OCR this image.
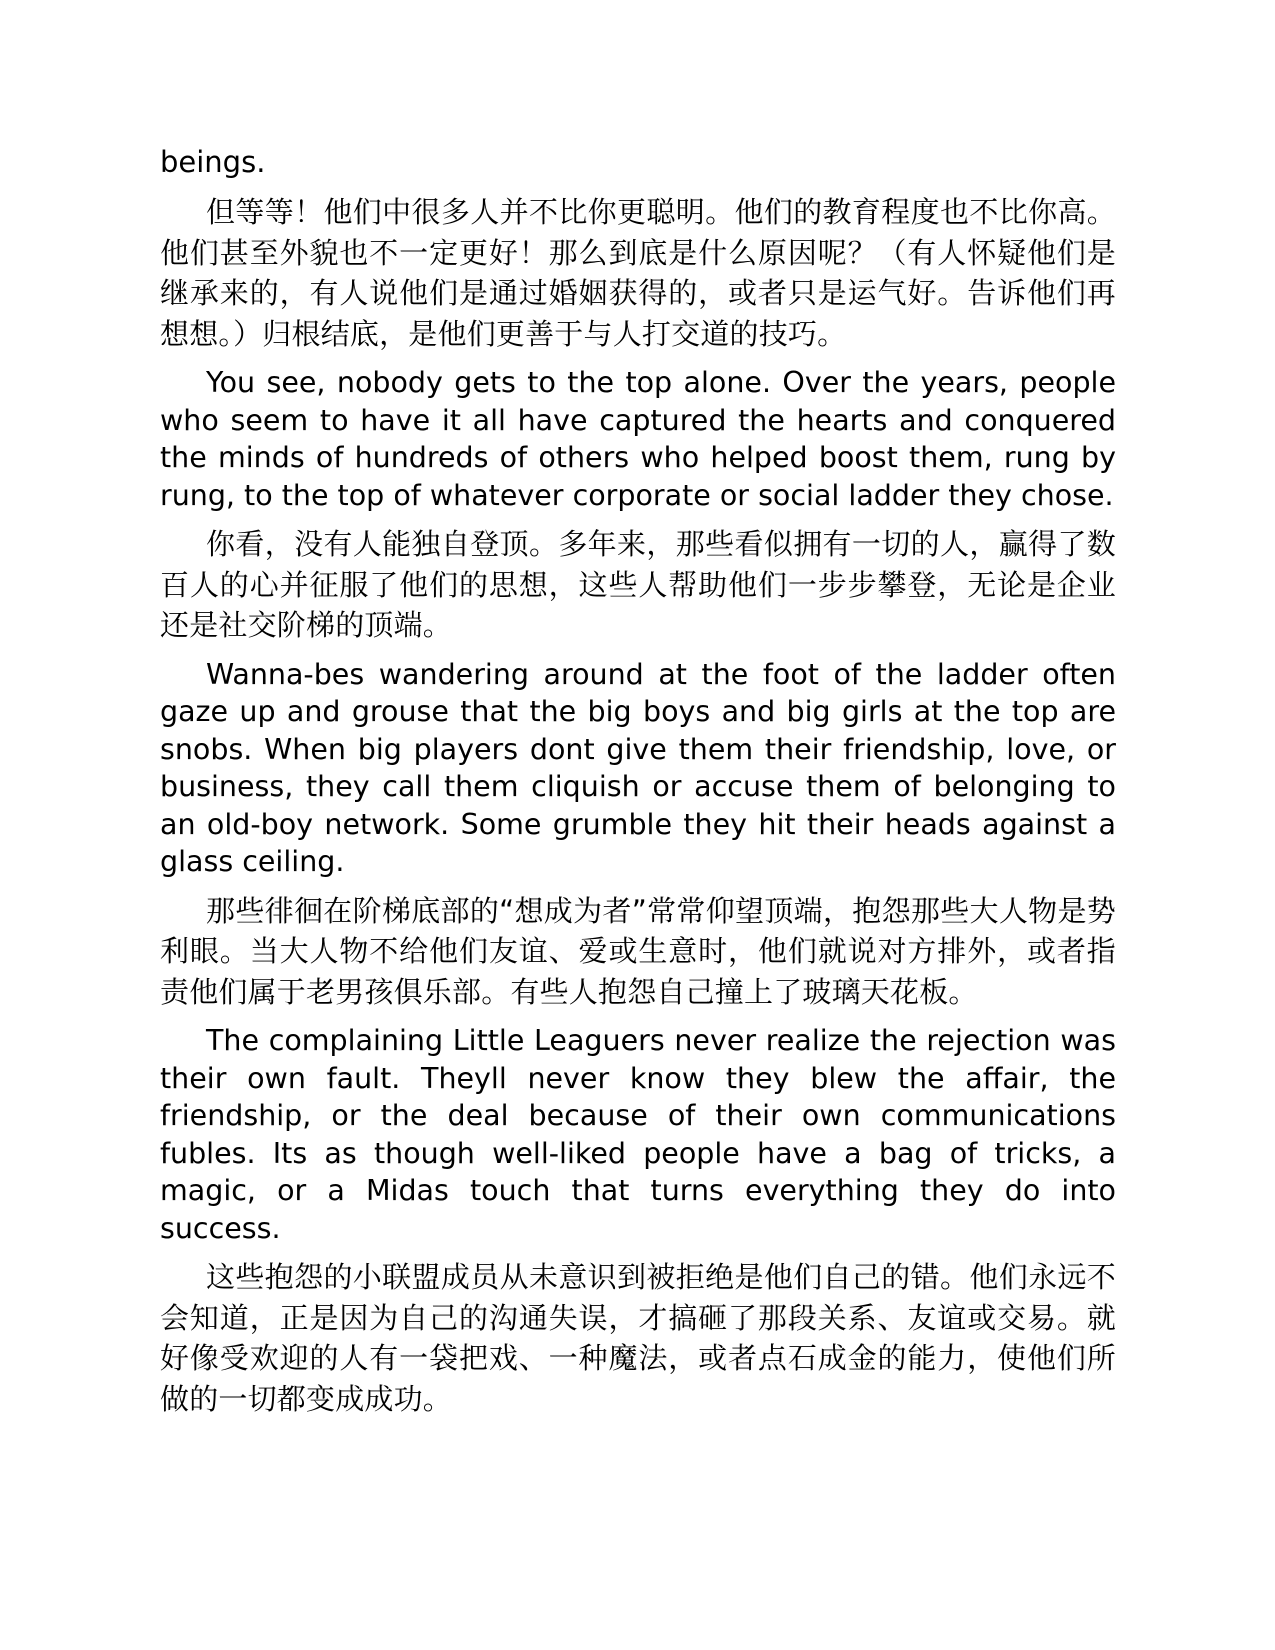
beings.

但等等！他们中很多人并不比你更聪明。他们的教育程度也不比你高。他们甚至外貌也不一定更好！那么到底是什么原因呢？（有人怀疑他们是继承来的，有人说他们是通过婚姻获得的，或者只是运气好。告诉他们再想想。）归根结底，是他们更善于与人打交道的技巧。

You see, nobody gets to the top alone. Over the years, people who seem to have it all have captured the hearts and conquered the minds of hundreds of others who helped boost them, rung by rung, to the top of whatever corporate or social ladder they chose.

你看，没有人能独自登顶。多年来，那些看似拥有一切的人，赢得了数百人的心并征服了他们的思想，这些人帮助他们一步步攀登，无论是企业还是社交阶梯的顶端。

Wanna-bes wandering around at the foot of the ladder often gaze up and grouse that the big boys and big girls at the top are snobs. When big players dont give them their friendship, love, or business, they call them cliquish or accuse them of belonging to an old-boy network. Some grumble they hit their heads against a glass ceiling.

那些徘徊在阶梯底部的“想成为者”常常仰望顶端，抱怨那些大人物是势利眼。当大人物不给他们友谊、爱或生意时，他们就说对方排外，或者指责他们属于老男孩俱乐部。有些人抱怨自己撞上了玻璃天花板。

The complaining Little Leaguers never realize the rejection was their own fault. Theyll never know they blew the affair, the friendship, or the deal because of their own communications fubles. Its as though well-liked people have a bag of tricks, a magic, or a Midas touch that turns everything they do into success.

这些抱怨的小联盟成员从未意识到被拒绝是他们自己的错。他们永远不会知道，正是因为自己的沟通失误，才搞砸了那段关系、友谊或交易。就好像受欢迎的人有一袋把戏、一种魔法，或者点石成金的能力，使他们所做的一切都变成成功。
